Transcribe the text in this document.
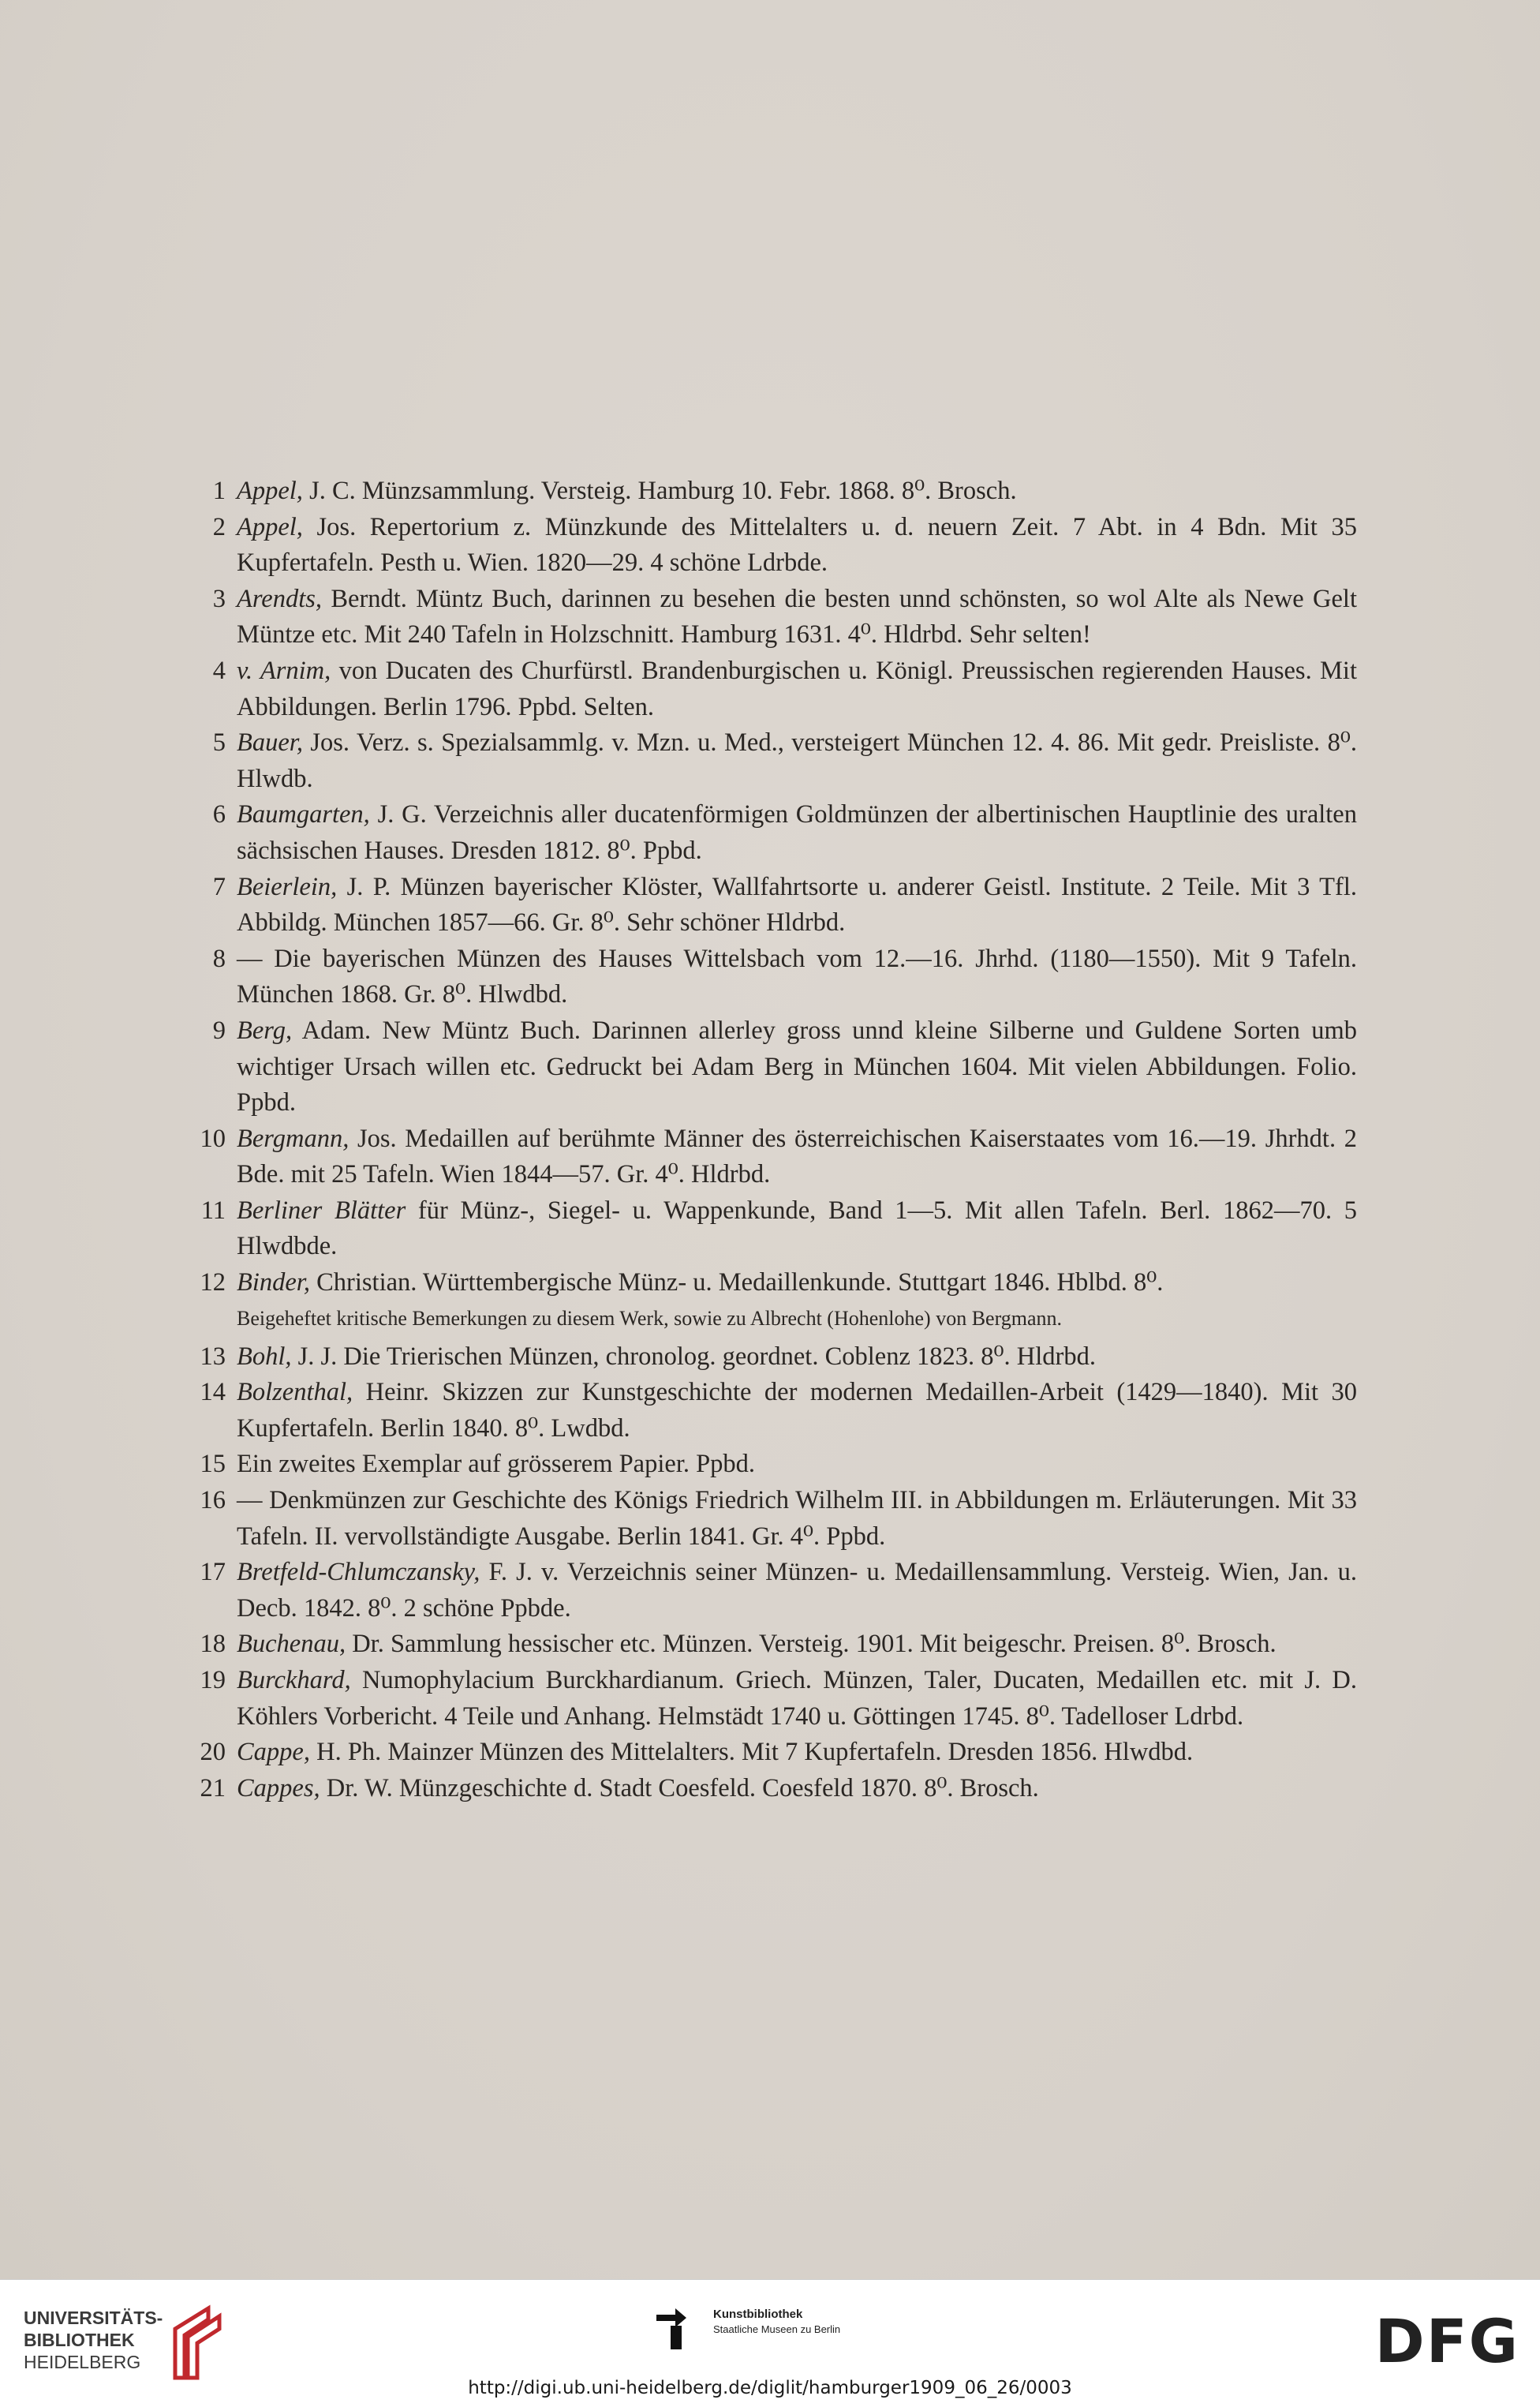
1 Appel, J. C. Münzsammlung. Versteig. Hamburg 10. Febr. 1868. 8⁰. Brosch.
2 Appel, Jos. Repertorium z. Münzkunde des Mittelalters u. d. neuern Zeit. 7 Abt. in 4 Bdn. Mit 35 Kupfertafeln. Pesth u. Wien. 1820—29. 4 schöne Ldrbde.
3 Arendts, Berndt. Müntz Buch, darinnen zu besehen die besten unnd schönsten, so wol Alte als Newe Gelt Müntze etc. Mit 240 Tafeln in Holzschnitt. Hamburg 1631. 4⁰. Hldrbd. Sehr selten!
4 v. Arnim, von Ducaten des Churfürstl. Brandenburgischen u. Königl. Preussischen regierenden Hauses. Mit Abbildungen. Berlin 1796. Ppbd. Selten.
5 Bauer, Jos. Verz. s. Spezialsammlg. v. Mzn. u. Med., versteigert München 12. 4. 86. Mit gedr. Preisliste. 8⁰. Hlwdb.
6 Baumgarten, J. G. Verzeichnis aller ducatenförmigen Goldmünzen der albertinischen Hauptlinie des uralten sächsischen Hauses. Dresden 1812. 8⁰. Ppbd.
7 Beierlein, J. P. Münzen bayerischer Klöster, Wallfahrtsorte u. anderer Geistl. Institute. 2 Teile. Mit 3 Tfl. Abbildg. München 1857—66. Gr. 8⁰. Sehr schöner Hldrbd.
8 — Die bayerischen Münzen des Hauses Wittelsbach vom 12.—16. Jhrhd. (1180—1550). Mit 9 Tafeln. München 1868. Gr. 8⁰. Hlwdbd.
9 Berg, Adam. New Müntz Buch. Darinnen allerley gross unnd kleine Silberne und Guldene Sorten umb wichtiger Ursach willen etc. Gedruckt bei Adam Berg in München 1604. Mit vielen Abbildungen. Folio. Ppbd.
10 Bergmann, Jos. Medaillen auf berühmte Männer des österreichischen Kaiserstaates vom 16.—19. Jhrhdt. 2 Bde. mit 25 Tafeln. Wien 1844—57. Gr. 4⁰. Hldrbd.
11 Berliner Blätter für Münz-, Siegel- u. Wappenkunde, Band 1—5. Mit allen Tafeln. Berl. 1862—70. 5 Hlwdbde.
12 Binder, Christian. Württembergische Münz- u. Medaillenkunde. Stuttgart 1846. Hblbd. 8⁰.
Beigeheftet kritische Bemerkungen zu diesem Werk, sowie zu Albrecht (Hohenlohe) von Bergmann.
13 Bohl, J. J. Die Trierischen Münzen, chronolog. geordnet. Coblenz 1823. 8⁰. Hldrbd.
14 Bolzenthal, Heinr. Skizzen zur Kunstgeschichte der modernen Medaillen-Arbeit (1429—1840). Mit 30 Kupfertafeln. Berlin 1840. 8⁰. Lwdbd.
15 Ein zweites Exemplar auf grösserem Papier. Ppbd.
16 — Denkmünzen zur Geschichte des Königs Friedrich Wilhelm III. in Abbildungen m. Erläuterungen. Mit 33 Tafeln. II. vervollständigte Ausgabe. Berlin 1841. Gr. 4⁰. Ppbd.
17 Bretfeld-Chlumczansky, F. J. v. Verzeichnis seiner Münzen- u. Medaillensammlung. Versteig. Wien, Jan. u. Decb. 1842. 8⁰. 2 schöne Ppbde.
18 Buchenau, Dr. Sammlung hessischer etc. Münzen. Versteig. 1901. Mit beigeschr. Preisen. 8⁰. Brosch.
19 Burckhard, Numophylacium Burckhardianum. Griech. Münzen, Taler, Ducaten, Medaillen etc. mit J. D. Köhlers Vorbericht. 4 Teile und Anhang. Helmstädt 1740 u. Göttingen 1745. 8⁰. Tadelloser Ldrbd.
20 Cappe, H. Ph. Mainzer Münzen des Mittelalters. Mit 7 Kupfertafeln. Dresden 1856. Hlwdbd.
21 Cappes, Dr. W. Münzgeschichte d. Stadt Coesfeld. Coesfeld 1870. 8⁰. Brosch.
UNIVERSITÄTS-
BIBLIOTHEK
HEIDELBERG
Kunstbibliothek
Staatliche Museen zu Berlin	DFG
http://digi.ub.uni-heidelberg.de/diglit/hamburger1909_06_26/0003
